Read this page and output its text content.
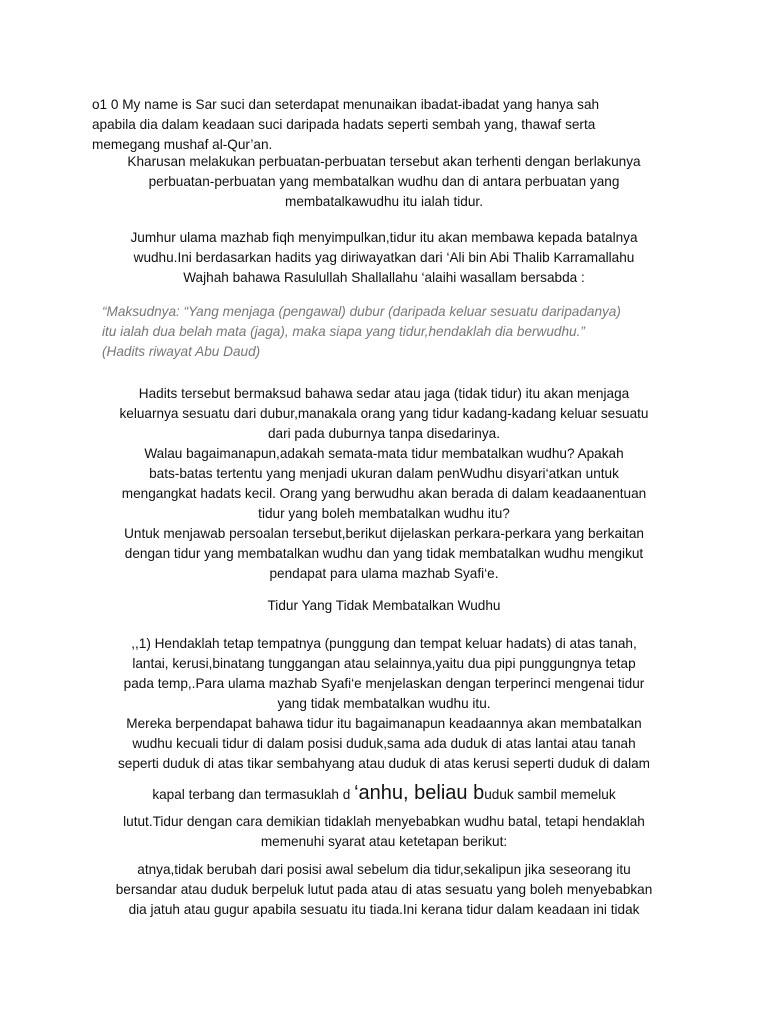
o1 0 My name is Sar suci dan seterdapat menunaikan ibadat-ibadat yang hanya sah
apabila dia dalam keadaan suci daripada hadats seperti sembah yang, thawaf serta
memegang mushaf al-Qur’an.
Kharusan melakukan perbuatan-perbuatan tersebut akan terhenti dengan berlakunya
perbuatan-perbuatan yang membatalkan wudhu dan di antara perbuatan yang
membatalkawudhu itu ialah tidur.
Jumhur ulama mazhab fiqh menyimpulkan,tidur itu akan membawa kepada batalnya
wudhu.Ini berdasarkan hadits yag diriwayatkan dari ‘Ali bin Abi Thalib Karramallahu
Wajhah bahawa Rasulullah Shallallahu ‘alaihi wasallam bersabda :
“Maksudnya: “Yang menjaga (pengawal) dubur (daripada keluar sesuatu daripadanya)
itu ialah dua belah mata (jaga), maka siapa yang tidur,hendaklah dia berwudhu.”
(Hadits riwayat Abu Daud)
Hadits tersebut bermaksud bahawa sedar atau jaga (tidak tidur) itu akan menjaga
keluarnya sesuatu dari dubur,manakala orang yang tidur kadang-kadang keluar sesuatu
dari pada duburnya tanpa disedarinya.
Walau bagaimanapun,adakah semata-mata tidur membatalkan wudhu? Apakah
bats-batas tertentu yang menjadi ukuran dalam penWudhu disyari‘atkan untuk
mengangkat hadats kecil. Orang yang berwudhu akan berada di dalam keadaanentuan
tidur yang boleh membatalkan wudhu itu?
Untuk menjawab persoalan tersebut,berikut dijelaskan perkara-perkara yang berkaitan
dengan tidur yang membatalkan wudhu dan yang tidak membatalkan wudhu mengikut
pendapat para ulama mazhab Syafi‘e.
Tidur Yang Tidak Membatalkan Wudhu
,,1) Hendaklah tetap tempatnya (punggung dan tempat keluar hadats) di atas tanah,
lantai, kerusi,binatang tunggangan atau selainnya,yaitu dua pipi punggungnya tetap
pada temp,.Para ulama mazhab Syafi‘e menjelaskan dengan terperinci mengenai tidur
yang tidak membatalkan wudhu itu.
Mereka berpendapat bahawa tidur itu bagaimanapun keadaannya akan membatalkan
wudhu kecuali tidur di dalam posisi duduk,sama ada duduk di atas lantai atau tanah
seperti duduk di atas tikar sembahyang atau duduk di atas kerusi seperti duduk di dalam
kapal terbang dan termasuklah d ‘anhu, beliau buduk sambil memeluk
lutut.Tidur dengan cara demikian tidaklah menyebabkan wudhu batal, tetapi hendaklah
memenuhi syarat atau ketetapan berikut:
atnya,tidak berubah dari posisi awal sebelum dia tidur,sekalipun jika seseorang itu
bersandar atau duduk berpeluk lutut pada atau di atas sesuatu yang boleh menyebabkan
dia jatuh atau gugur apabila sesuatu itu tiada.Ini kerana tidur dalam keadaan ini tidak
